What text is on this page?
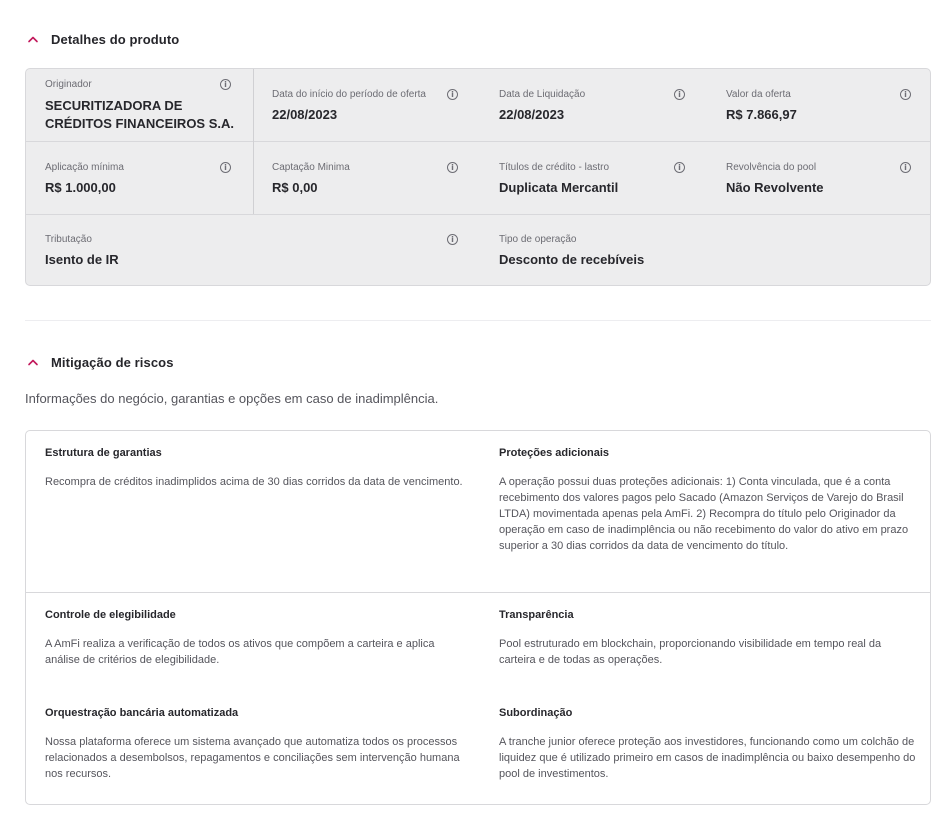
Detalhes do produto
Originador
SECURITIZADORA DE CRÉDITOS FINANCEIROS S.A.
i
Data do início do período de oferta
22/08/2023
i	Data de Liquidação
22/08/2023
i	Valor da oferta
R$ 7.866,97
i
Aplicação mínima
R$ 1.000,00
i	Captação Minima
R$ 0,00
i	Títulos de crédito - lastro
Duplicata Mercantil
i	Revolvência do pool
Não Revolvente
i
Tributação
Isento de IR
i	Tipo de operação
Desconto de recebíveis
Mitigação de riscos
Informações do negócio, garantias e opções em caso de inadimplência.
Estrutura de garantias
Recompra de créditos inadimplidos acima de 30 dias corridos da data de vencimento.
Proteções adicionais
A operação possui duas proteções adicionais: 1) Conta vinculada, que é a conta recebimento dos valores pagos pelo Sacado (Amazon Serviços de Varejo do Brasil LTDA) movimentada apenas pela AmFi. 2) Recompra do título pelo Originador da operação em caso de inadimplência ou não recebimento do valor do ativo em prazo superior a 30 dias corridos da data de vencimento do título.
Controle de elegibilidade
A AmFi realiza a verificação de todos os ativos que compõem a carteira e aplica análise de critérios de elegibilidade.
Transparência
Pool estruturado em blockchain, proporcionando visibilidade em tempo real da carteira e de todas as operações.
Orquestração bancária automatizada
Nossa plataforma oferece um sistema avançado que automatiza todos os processos relacionados a desembolsos, repagamentos e conciliações sem intervenção humana nos recursos.
Subordinação
A tranche junior oferece proteção aos investidores, funcionando como um colchão de liquidez que é utilizado primeiro em casos de inadimplência ou baixo desempenho do pool de investimentos.
